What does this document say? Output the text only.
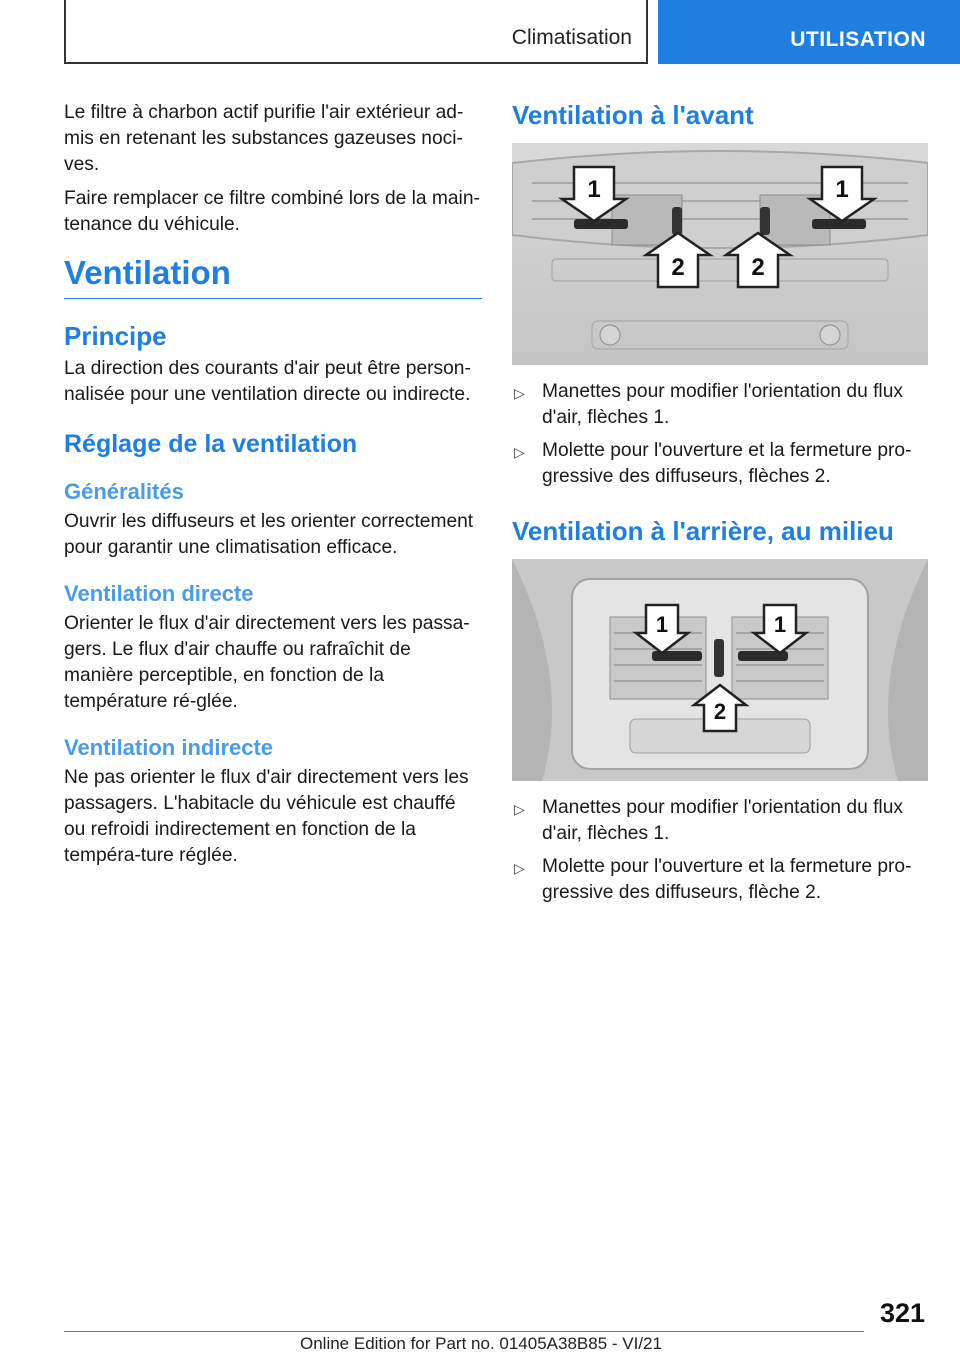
Climatisation	UTILISATION

Le filtre à charbon actif purifie l'air extérieur ad-mis en retenant les substances gazeuses noci-ves.

Faire remplacer ce filtre combiné lors de la main-tenance du véhicule.

Ventilation
Principe

La direction des courants d'air peut être person-nalisée pour une ventilation directe ou indirecte.

Réglage de la ventilation
Généralités

Ouvrir les diffuseurs et les orienter correctement pour garantir une climatisation efficace.

Ventilation directe

Orienter le flux d'air directement vers les passa-gers. Le flux d'air chauffe ou rafraîchit de manière perceptible, en fonction de la température ré-glée.

Ventilation indirecte

Ne pas orienter le flux d'air directement vers les passagers. L'habitacle du véhicule est chauffé ou refroidi indirectement en fonction de la tempéra-ture réglée.

Ventilation à l'avant
1	1
2	2
▷ Manettes pour modifier l'orientation du flux d'air, flèches 1.
▷ Molette pour l'ouverture et la fermeture pro-gressive des diffuseurs, flèches 2.
Ventilation à l'arrière, au milieu
1	1
2
▷ Manettes pour modifier l'orientation du flux d'air, flèches 1.
▷ Molette pour l'ouverture et la fermeture pro-gressive des diffuseurs, flèche 2.
321
Online Edition for Part no. 01405A38B85 - VI/21
